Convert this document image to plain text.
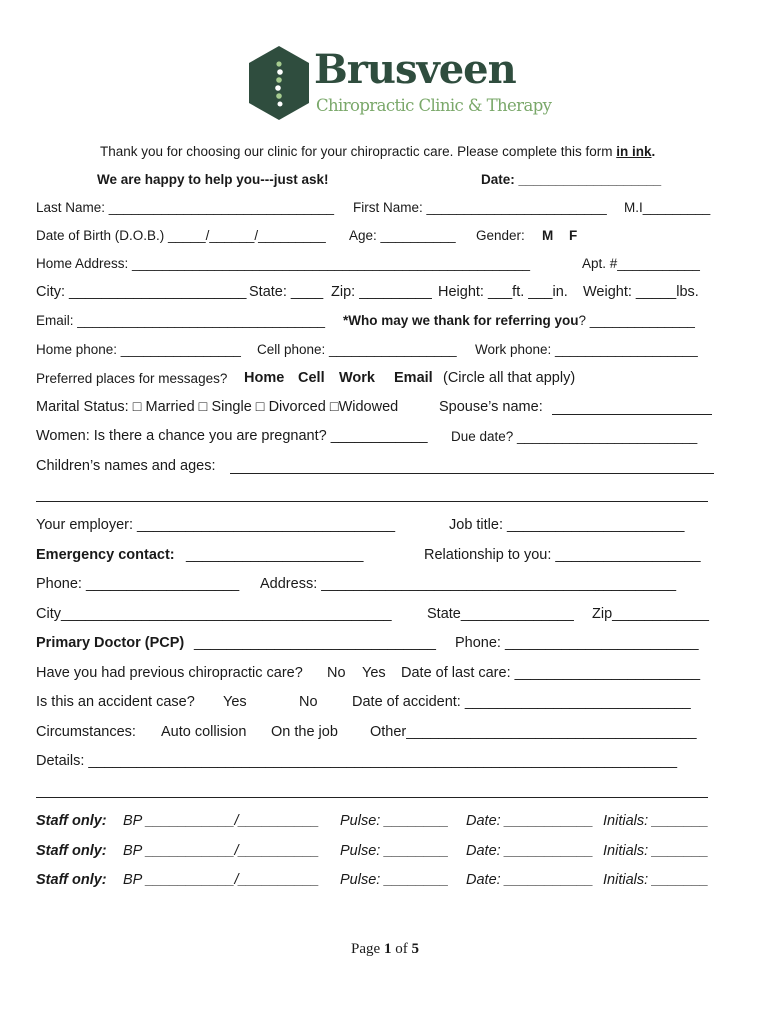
Brusveen
Chiropractic Clinic & Therapy
Thank you for choosing our clinic for your chiropractic care. Please complete this form in ink.
We are happy to help you---just ask!	Date: ___________________
Last Name: ______________________________ First Name: ________________________ M.I_________
Date of Birth (D.O.B.) _____/______/_________ Age: __________ Gender: M F
Home Address: _____________________________________________________	Apt. #___________
City: ______________________ State: ____ Zip: _________ Height: ___ft. ___in. Weight: _____lbs.
Email: _________________________________ *Who may we thank for referring you? ______________
Home phone: ________________ Cell phone: _________________ Work phone: ___________________
Preferred places for messages? Home Cell Work Email (Circle all that apply)
Marital Status: □ Married □ Single □ Divorced □Widowed	Spouse’s name:
Women: Is there a chance you are pregnant? ____________ Due date? ________________________
Children’s names and ages:
Your employer: ________________________________	Job title: ______________________
Emergency contact: ______________________	Relationship to you: __________________
Phone: ___________________ Address: ____________________________________________
City_________________________________________ State______________ Zip____________
Primary Doctor (PCP) ______________________________ Phone: ________________________
Have you had previous chiropractic care? No Yes Date of last care: _______________________
Is this an accident case? Yes	No Date of accident: ____________________________
Circumstances: Auto collision On the job Other____________________________________
Details: _________________________________________________________________________
Staff only: BP ___________/__________ Pulse: ________ Date: ___________ Initials: _______
Staff only: BP ___________/__________ Pulse: ________ Date: ___________ Initials: _______
Staff only: BP ___________/__________ Pulse: ________ Date: ___________ Initials: _______
Page 1 of 5
